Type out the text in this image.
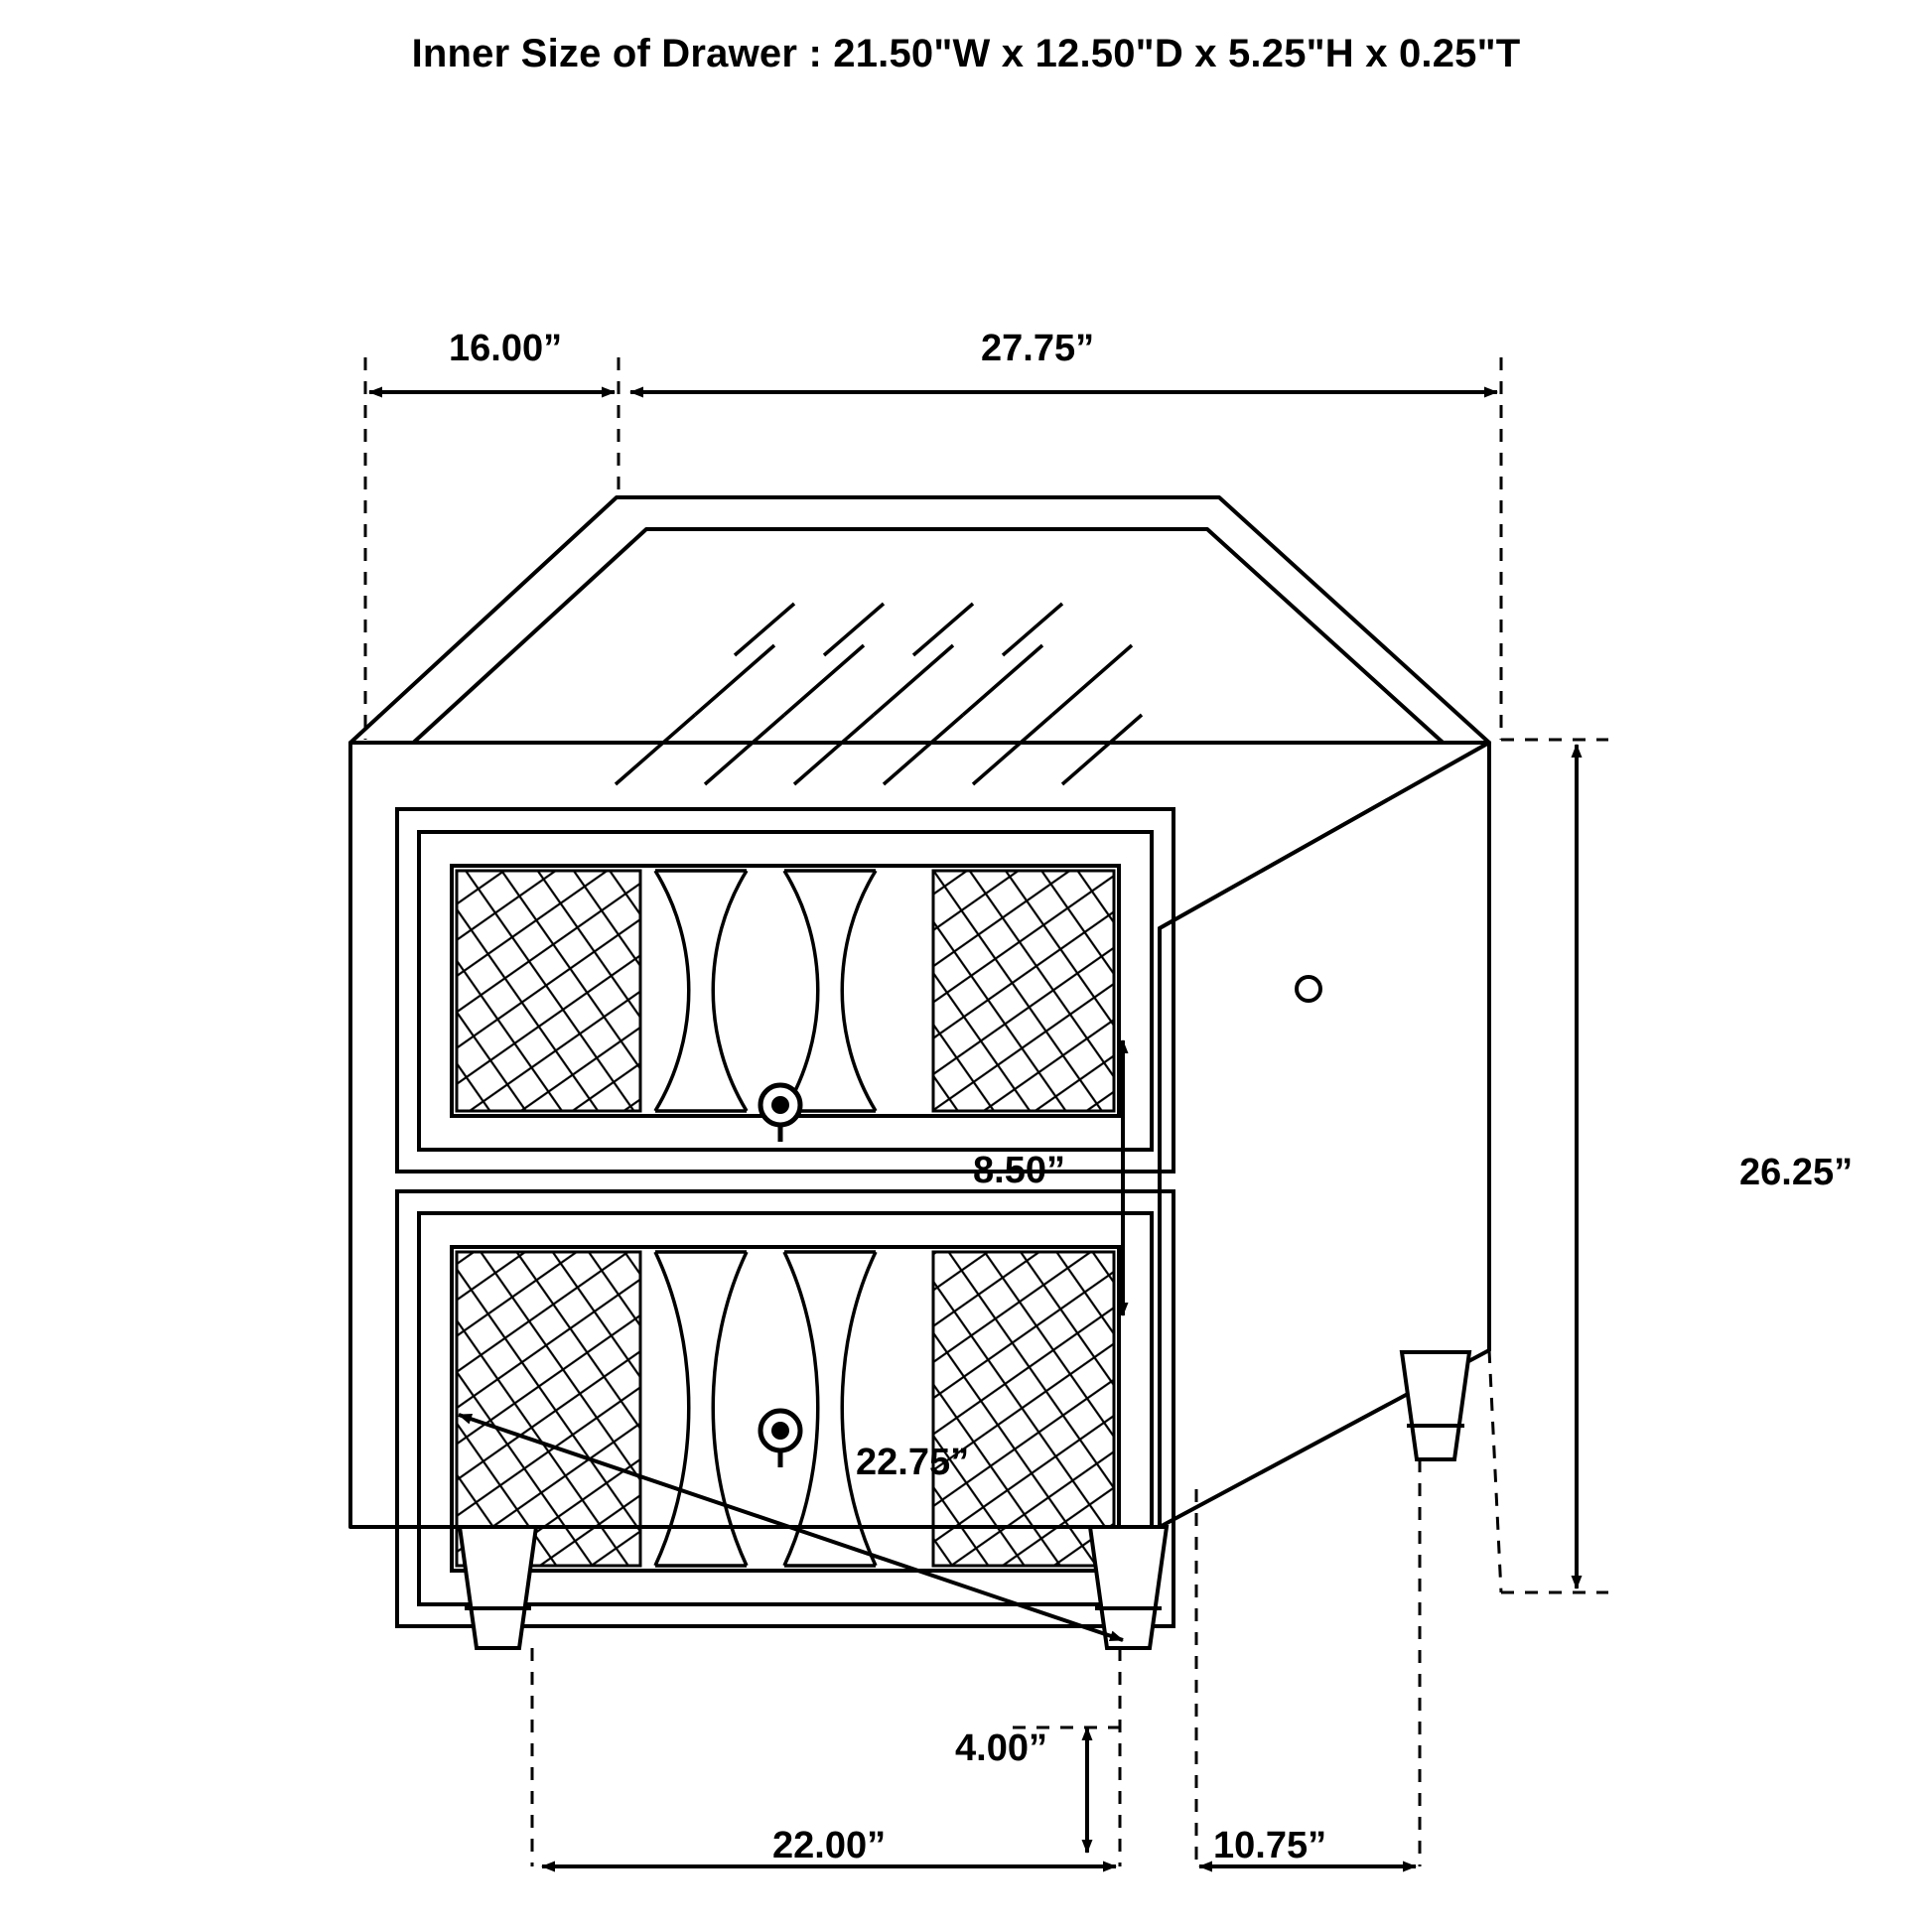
Inner Size of Drawer : 21.50"W x 12.50"D x 5.25"H x 0.25"T
16.00”	27.75”
26.25”
8.50”
22.75”
22.00”
4.00”
10.75”
